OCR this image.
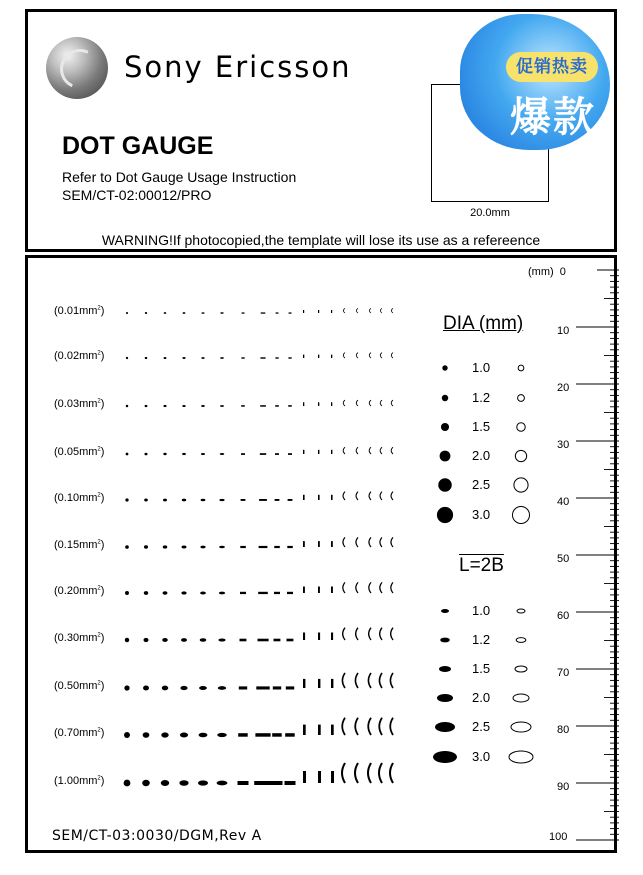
Sony Ericsson
DOT GAUGE
Refer to Dot Gauge Usage Instruction
SEM/CT-02:00012/PRO
20.0mm
WARNING!If photocopied,the template will lose its use as a refereence
促销热卖
爆款
$(0.01mm^2)$
$(0.02mm^2)$
$(0.03mm^2)$
$(0.05mm^2)$
$(0.10mm^2)$
$(0.15mm^2)$
$(0.20mm^2)$
$(0.30mm^2)$
$(0.50mm^2)$
$(0.70mm^2)$
$(1.00mm^2)$
DIA (mm)
L=2B
1.0
1.2
1.5
2.0
2.5
3.0
1.0
1.2
1.5
2.0
2.5
3.0
(mm) 0
10
20
30
40
50
60
70
80
90
100
SEM/CT-03:0030/DGM,Rev A
